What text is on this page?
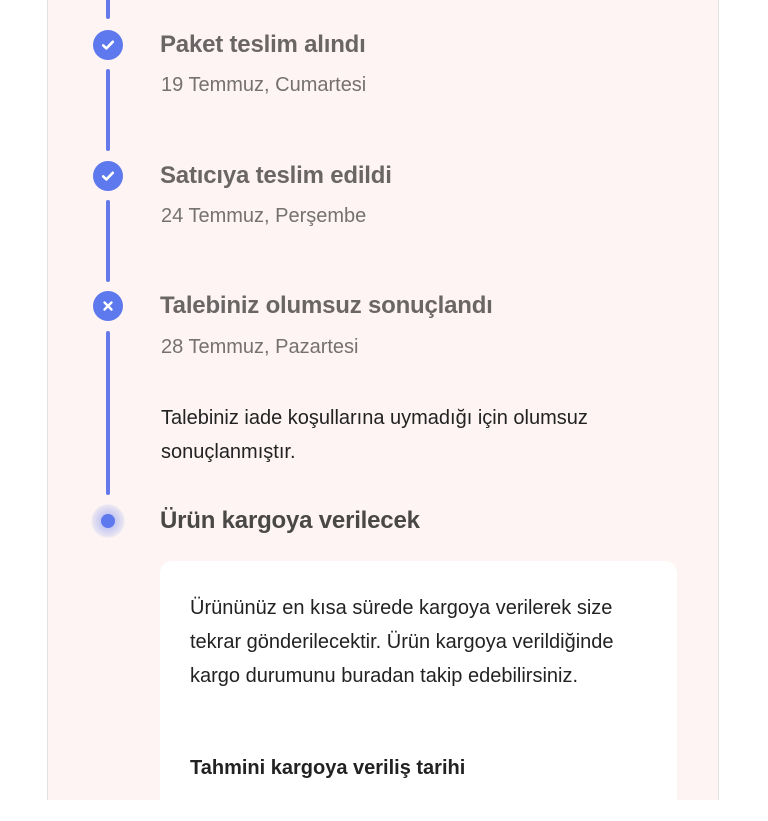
Paket teslim alındı
19 Temmuz, Cumartesi
Satıcıya teslim edildi
24 Temmuz, Perşembe
Talebiniz olumsuz sonuçlandı
28 Temmuz, Pazartesi
Talebiniz iade koşullarına uymadığı için olumsuz sonuçlanmıştır.
Ürün kargoya verilecek
Ürününüz en kısa sürede kargoya verilerek size tekrar gönderilecektir. Ürün kargoya verildiğinde kargo durumunu buradan takip edebilirsiniz.
Tahmini kargoya veriliş tarihi
